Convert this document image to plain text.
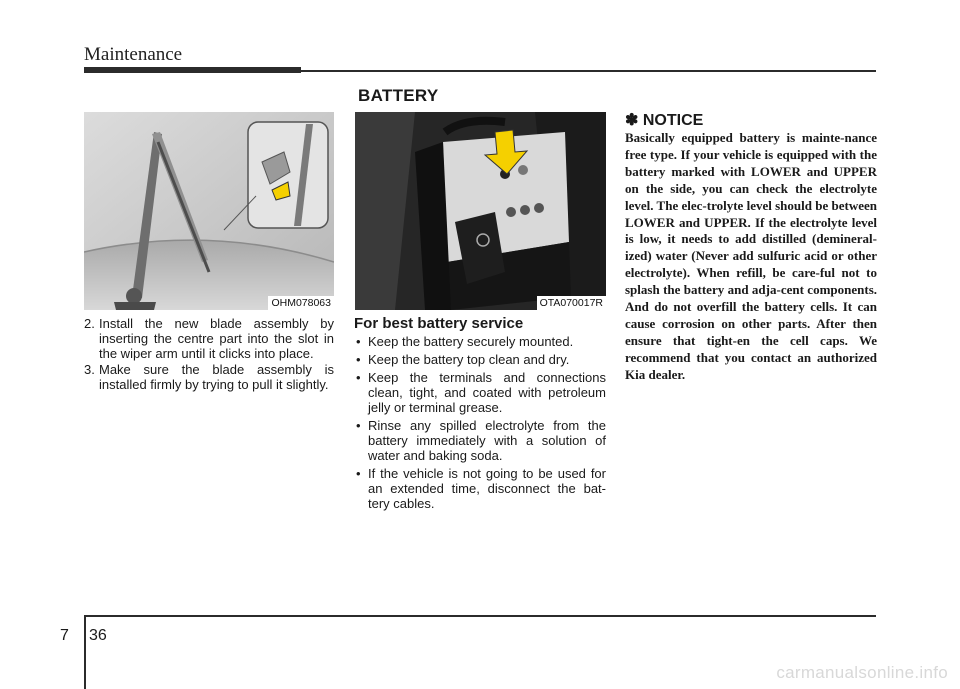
Maintenance
BATTERY
OHM078063	OTA070017R
2. Install the new blade assembly by inserting the centre part into the slot in the wiper arm until it clicks into place.
3. Make sure the blade assembly is installed firmly by trying to pull it slightly.
For best battery service
• Keep the battery securely mounted.
• Keep the battery top clean and dry.
• Keep the terminals and connections clean, tight, and coated with petroleum jelly or terminal grease.
• Rinse any spilled electrolyte from the battery immediately with a solution of water and baking soda.
• If the vehicle is not going to be used for an extended time, disconnect the bat-tery cables.
✽ NOTICE
Basically equipped battery is mainte-nance free type. If your vehicle is equipped with the battery marked with LOWER and UPPER on the side, you can check the electrolyte level. The elec-trolyte level should be between LOWER and UPPER. If the electrolyte level is low, it needs to add distilled (demineral-ized) water (Never add sulfuric acid or other electrolyte). When refill, be care-ful not to splash the battery and adja-cent components. And do not overfill the battery cells. It can cause corrosion on other parts. After then ensure that tight-en the cell caps. We recommend that you contact an authorized Kia dealer.
7 36
carmanualsonline.info
